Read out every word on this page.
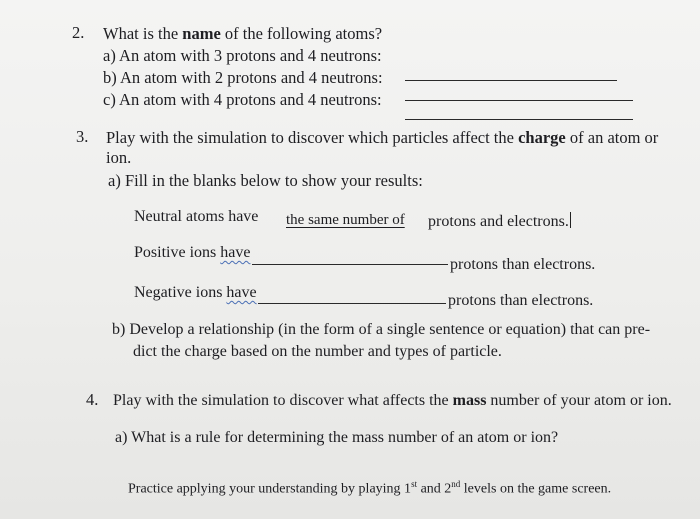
2. What is the name of the following atoms?
a) An atom with 3 protons and 4 neutrons:
b) An atom with 2 protons and 4 neutrons:
c) An atom with 4 protons and 4 neutrons:
3. Play with the simulation to discover which particles affect the charge of an atom or
ion.
a) Fill in the blanks below to show your results:
Neutral atoms have the same number of protons and electrons.
Positive ions have
protons than electrons.
Negative ions have	protons than electrons.
b) Develop a relationship (in the form of a single sentence or equation) that can pre-
dict the charge based on the number and types of particle.
4. Play with the simulation to discover what affects the mass number of your atom or ion.
a) What is a rule for determining the mass number of an atom or ion?
Practice applying your understanding by playing 1st and 2nd levels on the game screen.
